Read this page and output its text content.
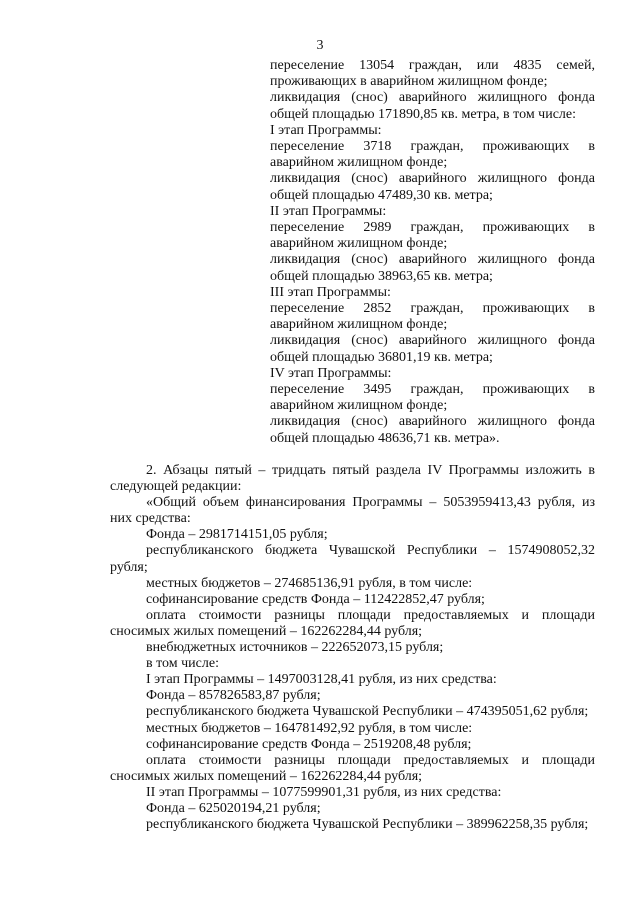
3

переселение 13054 граждан, или 4835 семей, проживающих в аварийном жилищном фонде;

ликвидация (снос) аварийного жилищного фонда общей площадью 171890,85 кв. метра, в том числе:

I этап Программы:

переселение 3718 граждан, проживающих в аварийном жилищном фонде;

ликвидация (снос) аварийного жилищного фонда общей площадью 47489,30 кв. метра;

II этап Программы:

переселение 2989 граждан, проживающих в аварийном жилищном фонде;

ликвидация (снос) аварийного жилищного фонда общей площадью 38963,65 кв. метра;

III этап Программы:

переселение 2852 граждан, проживающих в аварийном жилищном фонде;

ликвидация (снос) аварийного жилищного фонда общей площадью 36801,19 кв. метра;

IV этап Программы:

переселение 3495 граждан, проживающих в аварийном жилищном фонде;

ликвидация (снос) аварийного жилищного фонда общей площадью 48636,71 кв. метра».

2. Абзацы пятый – тридцать пятый раздела IV Программы изложить в следующей редакции:

«Общий объем финансирования Программы – 5053959413,43 рубля, из них средства:

Фонда – 2981714151,05 рубля;

республиканского бюджета Чувашской Республики – 1574908052,32 рубля;

местных бюджетов – 274685136,91 рубля, в том числе:

софинансирование средств Фонда – 112422852,47 рубля;

оплата стоимости разницы площади предоставляемых и площади сносимых жилых помещений – 162262284,44 рубля;

внебюджетных источников – 222652073,15 рубля;

в том числе:

I этап Программы – 1497003128,41 рубля, из них средства:

Фонда – 857826583,87 рубля;

республиканского бюджета Чувашской Республики – 474395051,62 рубля;

местных бюджетов – 164781492,92 рубля, в том числе:

софинансирование средств Фонда – 2519208,48 рубля;

оплата стоимости разницы площади предоставляемых и площади сносимых жилых помещений – 162262284,44 рубля;

II этап Программы – 1077599901,31 рубля, из них средства:

Фонда – 625020194,21 рубля;

республиканского бюджета Чувашской Республики – 389962258,35 рубля;
